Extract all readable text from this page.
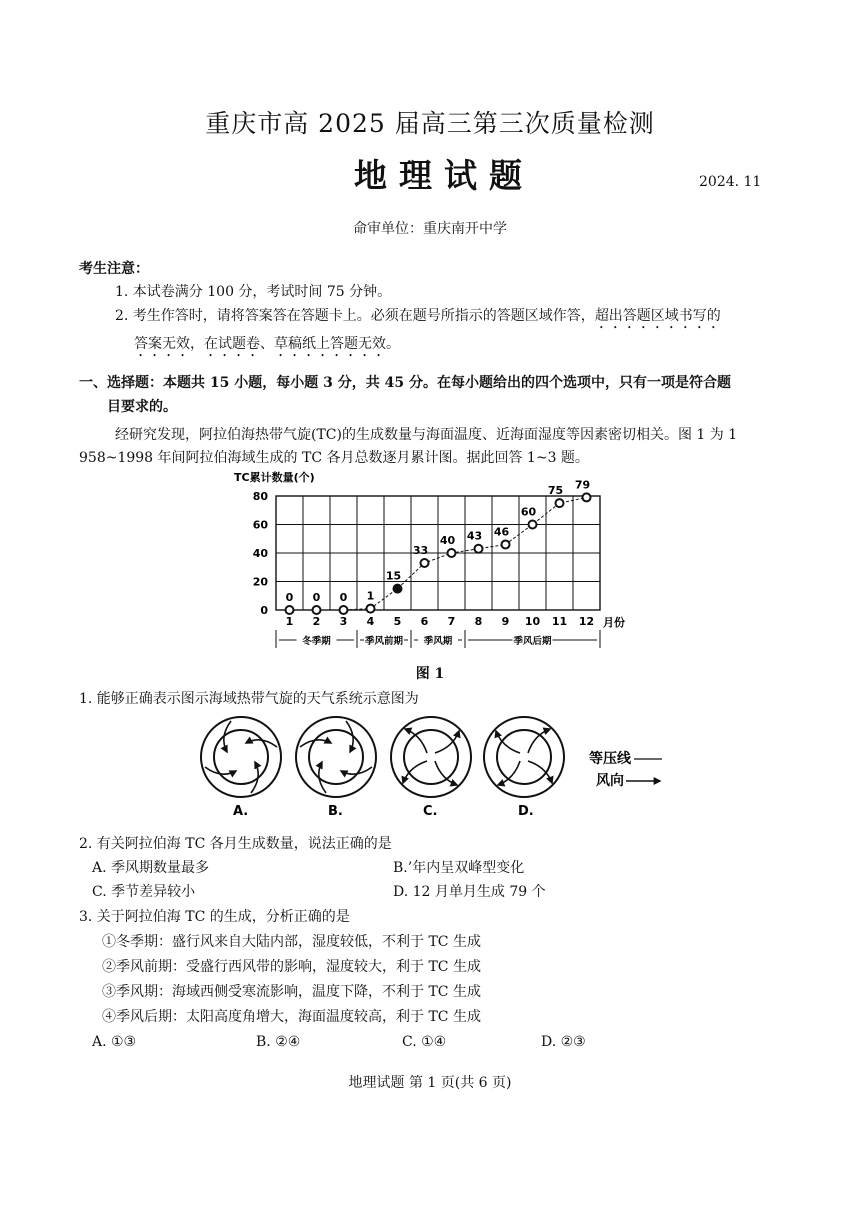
重庆市高 2025 届高三第三次质量检测
地理试题	2024. 11
命审单位：重庆南开中学
考生注意：
1. 本试卷满分 100 分，考试时间 75 分钟。
2. 考生作答时，请将答案答在答题卡上。必须在题号所指示的答题区域作答，超出答题区域书写的
答案无效，在试题卷、草稿纸上答题无效。
一、选择题：本题共 15 小题，每小题 3 分，共 45 分。在每小题给出的四个选项中，只有一项是符合题
目要求的。
经研究发现，阿拉伯海热带气旋(TC)的生成数量与海面温度、近海面湿度等因素密切相关。图 1 为 1
958~1998 年间阿拉伯海域生成的 TC 各月总数逐月累计图。据此回答 1~3 题。
TC累计数量(个)
月份
0
20
40
60
80
1 2 3 4 5 6 7 8 9 10 11 12
0 0 0 1
15
33
40 43 46
60
75 79
冬季期	季风前期 季风期	季风后期
图 1
1. 能够正确表示图示海域热带气旋的天气系统示意图为
A.	B.	C.	D.
等压线
风向
2. 有关阿拉伯海 TC 各月生成数量，说法正确的是
A. 季风期数量最多	B.’年内呈双峰型变化
C. 季节差异较小	D. 12 月单月生成 79 个
3. 关于阿拉伯海 TC 的生成，分析正确的是
①冬季期：盛行风来自大陆内部，湿度较低，不利于 TC 生成
②季风前期：受盛行西风带的影响，湿度较大，利于 TC 生成
③季风期：海域西侧受寒流影响，温度下降，不利于 TC 生成
④季风后期：太阳高度角增大，海面温度较高，利于 TC 生成
A. ①③	B. ②④	C. ①④	D. ②③
地理试题 第 1 页(共 6 页)
